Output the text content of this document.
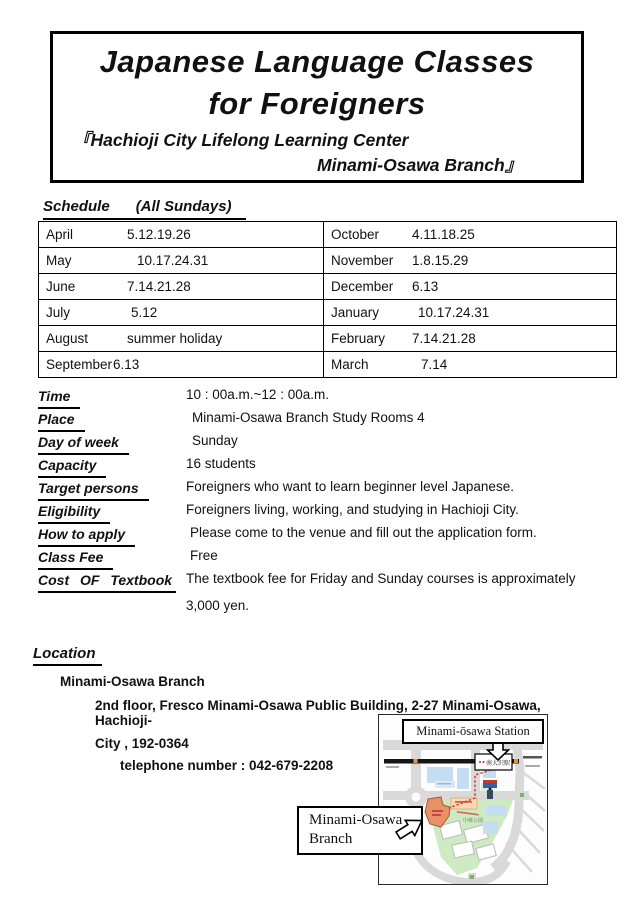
Japanese Language Classes
for Foreigners
『Hachioji City Lifelong Learning Center
Minami-Osawa Branch』
Schedule (All Sundays)
April 5.12.19.26	October 4.11.18.25
May 10.17.24.31	November 1.8.15.29
June 7.14.21.28	December 6.13
July 5.12	January 10.17.24.31
August summer holiday	February 7.14.21.28
September6.13	March 7.14
Time	10 : 00a.m.~12 : 00a.m.
Place	Minami-Osawa Branch Study Rooms 4
Day of week	Sunday
Capacity	16 students
Target persons	Foreigners who want to learn beginner level Japanese.
Eligibility	Foreigners living, working, and studying in Hachioji City.
How to apply	Please come to the venue and fill out the application form.
Class Fee	Free
Cost OF Textbook	The textbook fee for Friday and Sunday courses is approximately 3,000 yen.
Location
Minami-Osawa Branch
2nd floor, Fresco Minami-Osawa Public Building, 2-27 Minami-Osawa, Hachioji-
City , 192-0364
telephone number : 042-679-2208	南大沢駅
中郷公園
Minami-ōsawa Station
Minami-Osawa
Branch
